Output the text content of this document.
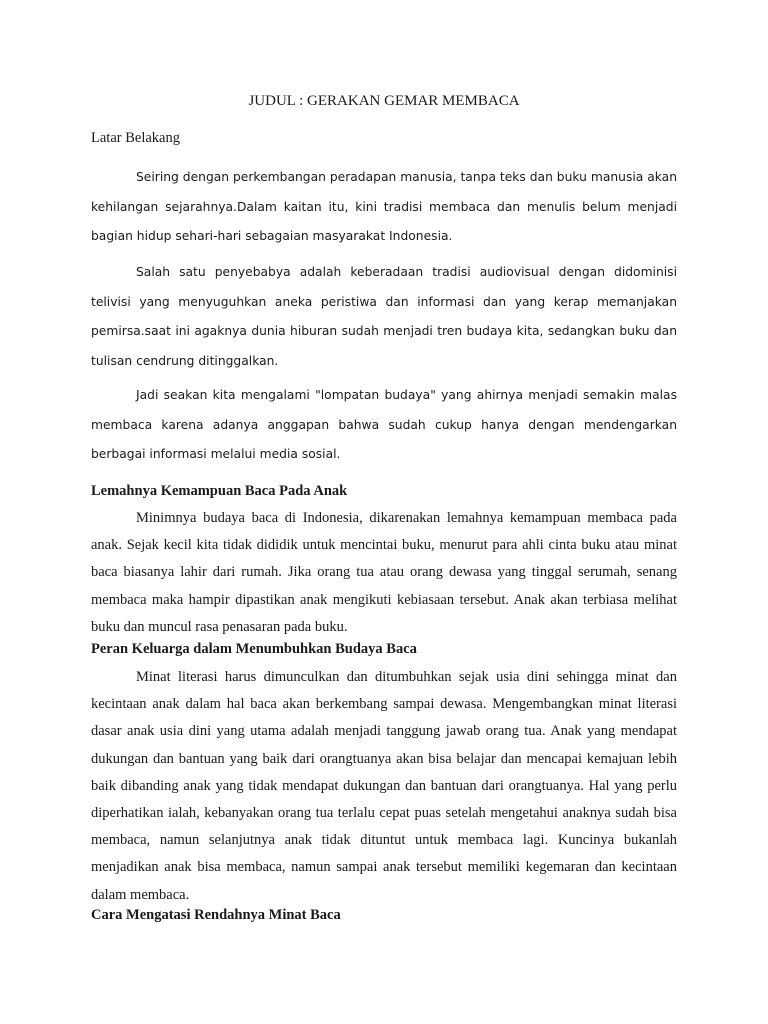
JUDUL : GERAKAN GEMAR MEMBACA
Latar Belakang

Seiring dengan perkembangan peradapan manusia, tanpa teks dan buku manusia akan kehilangan sejarahnya.Dalam kaitan itu, kini tradisi membaca dan menulis belum menjadi bagian hidup sehari-hari sebagaian masyarakat Indonesia.

Salah satu penyebabya adalah keberadaan tradisi audiovisual dengan didominisi telivisi yang menyuguhkan aneka peristiwa dan informasi dan yang kerap memanjakan pemirsa.saat ini agaknya dunia hiburan sudah menjadi tren budaya kita, sedangkan buku dan tulisan cendrung ditinggalkan.

Jadi seakan kita mengalami "lompatan budaya" yang ahirnya menjadi semakin malas membaca karena adanya anggapan bahwa sudah cukup hanya dengan mendengarkan berbagai informasi melalui media sosial.

Lemahnya Kemampuan Baca Pada Anak

Minimnya budaya baca di Indonesia, dikarenakan lemahnya kemampuan membaca pada anak. Sejak kecil kita tidak dididik untuk mencintai buku, menurut para ahli cinta buku atau minat baca biasanya lahir dari rumah. Jika orang tua atau orang dewasa yang tinggal serumah, senang membaca maka hampir dipastikan anak mengikuti kebiasaan tersebut. Anak akan terbiasa melihat buku dan muncul rasa penasaran pada buku.

Peran Keluarga dalam Menumbuhkan Budaya Baca

Minat literasi harus dimunculkan dan ditumbuhkan sejak usia dini sehingga minat dan kecintaan anak dalam hal baca akan berkembang sampai dewasa. Mengembangkan minat literasi dasar anak usia dini yang utama adalah menjadi tanggung jawab orang tua. Anak yang mendapat dukungan dan bantuan yang baik dari orangtuanya akan bisa belajar dan mencapai kemajuan lebih baik dibanding anak yang tidak mendapat dukungan dan bantuan dari orangtuanya. Hal yang perlu diperhatikan ialah, kebanyakan orang tua terlalu cepat puas setelah mengetahui anaknya sudah bisa membaca, namun selanjutnya anak tidak dituntut untuk membaca lagi. Kuncinya bukanlah menjadikan anak bisa membaca, namun sampai anak tersebut memiliki kegemaran dan kecintaan dalam membaca.

Cara Mengatasi Rendahnya Minat Baca
